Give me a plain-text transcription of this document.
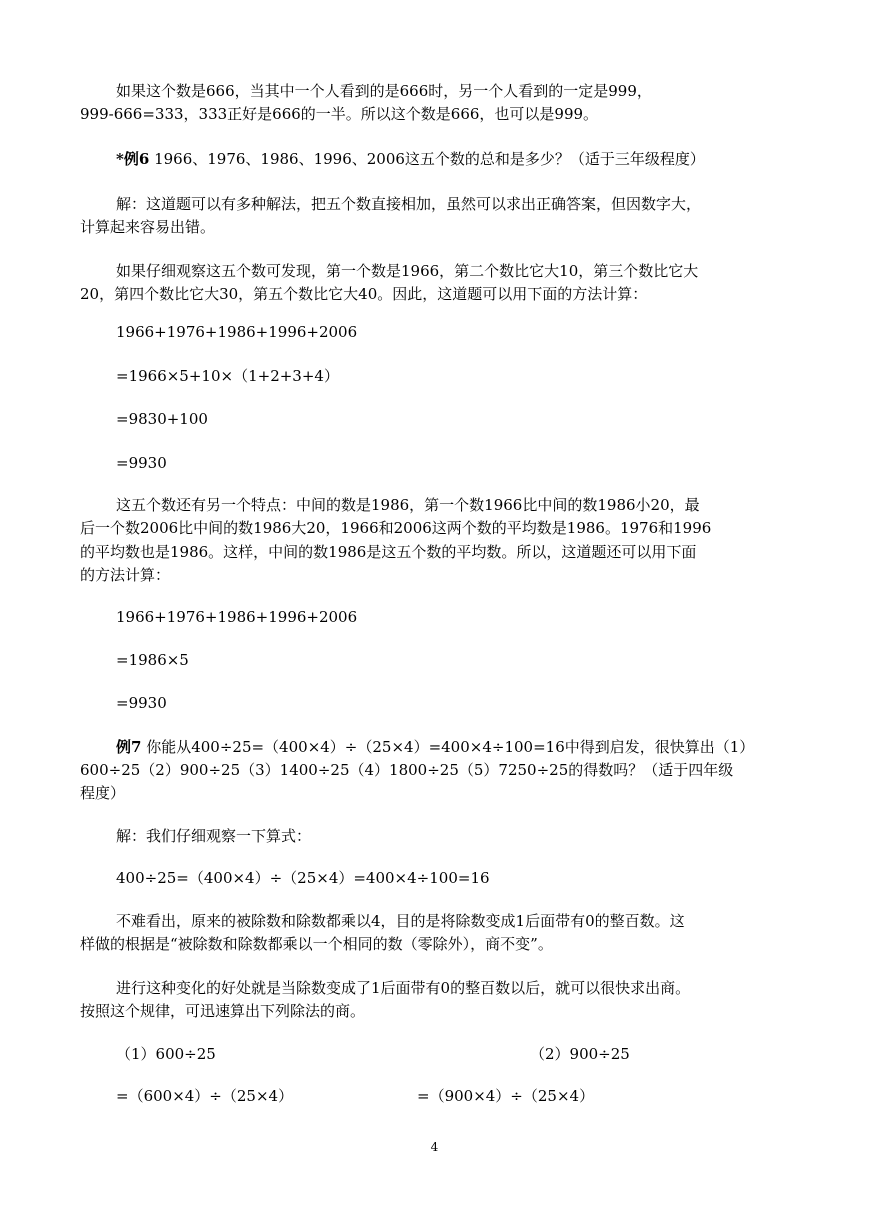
如果这个数是666，当其中一个人看到的是666时，另一个人看到的一定是999，
999-666=333，333正好是666的一半。所以这个数是666，也可以是999。
*例6 1966、1976、1986、1996、2006这五个数的总和是多少？（适于三年级程度）
解：这道题可以有多种解法，把五个数直接相加，虽然可以求出正确答案，但因数字大，
计算起来容易出错。
如果仔细观察这五个数可发现，第一个数是1966，第二个数比它大10，第三个数比它大
20，第四个数比它大30，第五个数比它大40。因此，这道题可以用下面的方法计算：
1966+1976+1986+1996+2006
=1966×5+10×（1+2+3+4）
=9830+100
=9930
这五个数还有另一个特点：中间的数是1986，第一个数1966比中间的数1986小20，最
后一个数2006比中间的数1986大20，1966和2006这两个数的平均数是1986。1976和1996
的平均数也是1986。这样，中间的数1986是这五个数的平均数。所以，这道题还可以用下面
的方法计算：
1966+1976+1986+1996+2006
=1986×5
=9930
例7 你能从400÷25=（400×4）÷（25×4）=400×4÷100=16中得到启发，很快算出（1）
600÷25（2）900÷25（3）1400÷25（4）1800÷25（5）7250÷25的得数吗？（适于四年级
程度）
解：我们仔细观察一下算式：
400÷25=（400×4）÷（25×4）=400×4÷100=16
不难看出，原来的被除数和除数都乘以4，目的是将除数变成1后面带有0的整百数。这
样做的根据是“被除数和除数都乘以一个相同的数（零除外），商不变”。
进行这种变化的好处就是当除数变成了1后面带有0的整百数以后，就可以很快求出商。
按照这个规律，可迅速算出下列除法的商。
（1）600÷25	（2）900÷25
=（600×4）÷（25×4）	=（900×4）÷（25×4）
4
